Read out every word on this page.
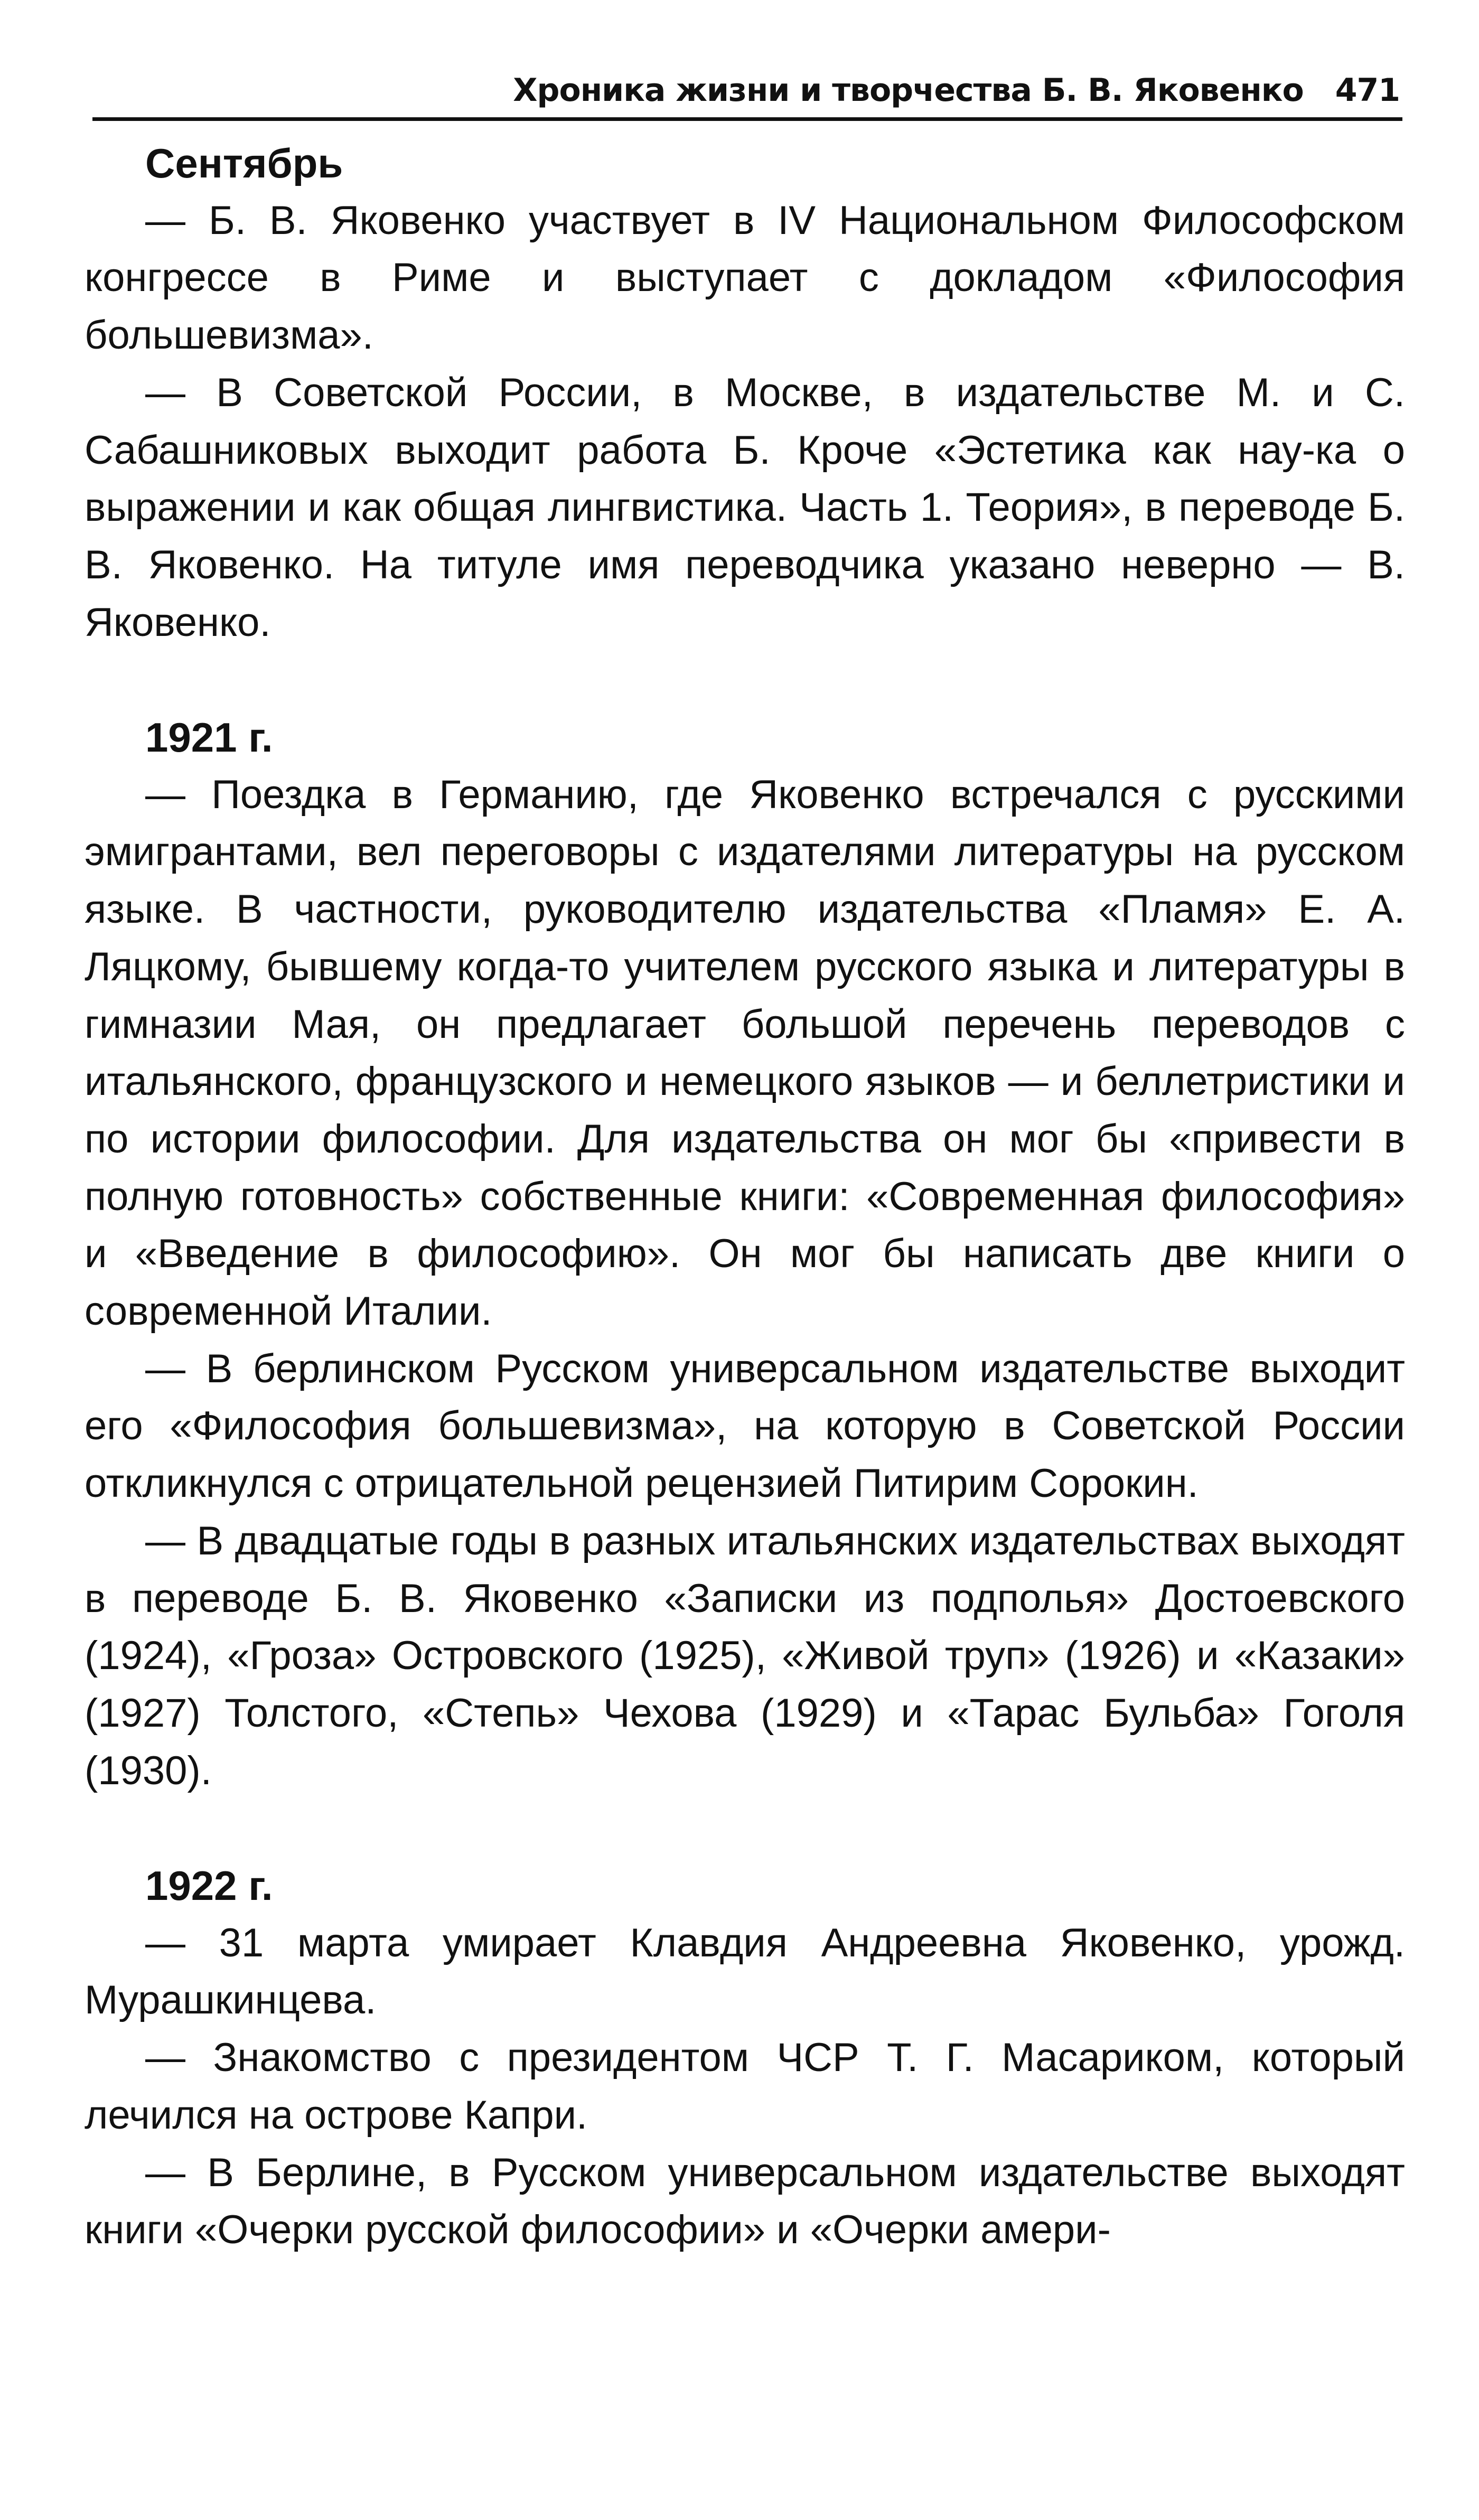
Хроника жизни и творчества Б. В. Яковенко 471
Сентябрь

— Б. В. Яковенко участвует в IV Национальном Философском конгрессе в Риме и выступает с докладом «Философия большевизма».

— В Советской России, в Москве, в издательстве М. и С. Сабашниковых выходит работа Б. Кроче «Эстетика как нау-ка о выражении и как общая лингвистика. Часть 1. Теория», в переводе Б. В. Яковенко. На титуле имя переводчика указано неверно — В. Яковенко.

1921 г.

— Поездка в Германию, где Яковенко встречался с русскими эмигрантами, вел переговоры с издателями литературы на русском языке. В частности, руководителю издательства «Пламя» Е. А. Ляцкому, бывшему когда-то учителем русского языка и литературы в гимназии Мая, он предлагает большой перечень переводов с итальянского, французского и немецкого языков — и беллетристики и по истории философии. Для издательства он мог бы «привести в полную готовность» собственные книги: «Современная философия» и «Введение в философию». Он мог бы написать две книги о современной Италии.

— В берлинском Русском универсальном издательстве выходит его «Философия большевизма», на которую в Советской России откликнулся с отрицательной рецензией Питирим Сорокин.

— В двадцатые годы в разных итальянских издательствах выходят в переводе Б. В. Яковенко «Записки из подполья» Достоевского (1924), «Гроза» Островского (1925), «Живой труп» (1926) и «Казаки» (1927) Толстого, «Степь» Чехова (1929) и «Тарас Бульба» Гоголя (1930).

1922 г.

— 31 марта умирает Клавдия Андреевна Яковенко, урожд. Мурашкинцева.

— Знакомство с президентом ЧСР Т. Г. Масариком, который лечился на острове Капри.

— В Берлине, в Русском универсальном издательстве выходят книги «Очерки русской философии» и «Очерки амери-
